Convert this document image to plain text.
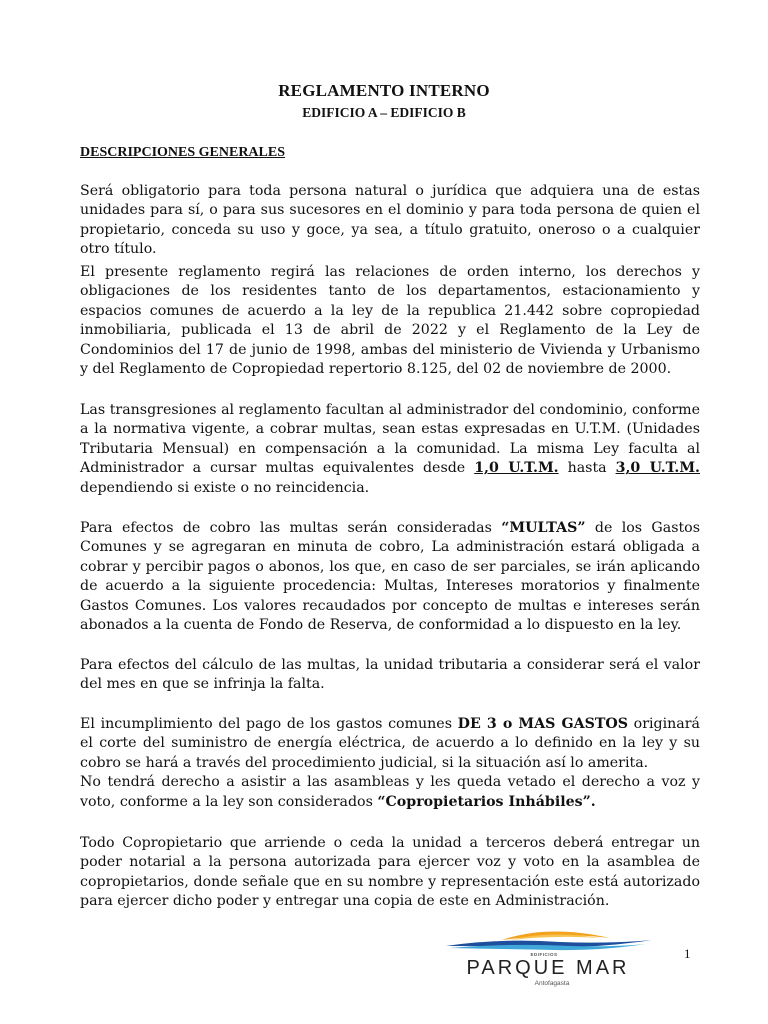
REGLAMENTO INTERNO
EDIFICIO A – EDIFICIO B
DESCRIPCIONES GENERALES

Será obligatorio para toda persona natural o jurídica que adquiera una de estas unidades para sí, o para sus sucesores en el dominio y para toda persona de quien el propietario, conceda su uso y goce, ya sea, a título gratuito, oneroso o a cualquier otro título.

El presente reglamento regirá las relaciones de orden interno, los derechos y obligaciones de los residentes tanto de los departamentos, estacionamiento y espacios comunes de acuerdo a la ley de la republica 21.442 sobre copropiedad inmobiliaria, publicada el 13 de abril de 2022 y el Reglamento de la Ley de Condominios del 17 de junio de 1998, ambas del ministerio de Vivienda y Urbanismo y del Reglamento de Copropiedad repertorio 8.125, del 02 de noviembre de 2000.

Las transgresiones al reglamento facultan al administrador del condominio, conforme a la normativa vigente, a cobrar multas, sean estas expresadas en U.T.M. (Unidades Tributaria Mensual) en compensación a la comunidad. La misma Ley faculta al Administrador a cursar multas equivalentes desde 1,0 U.T.M. hasta 3,0 U.T.M. dependiendo si existe o no reincidencia.

Para efectos de cobro las multas serán consideradas “MULTAS” de los Gastos Comunes y se agregaran en minuta de cobro, La administración estará obligada a cobrar y percibir pagos o abonos, los que, en caso de ser parciales, se irán aplicando de acuerdo a la siguiente procedencia: Multas, Intereses moratorios y finalmente Gastos Comunes. Los valores recaudados por concepto de multas e intereses serán abonados a la cuenta de Fondo de Reserva, de conformidad a lo dispuesto en la ley.

Para efectos del cálculo de las multas, la unidad tributaria a considerar será el valor del mes en que se infrinja la falta.

El incumplimiento del pago de los gastos comunes DE 3 o MAS GASTOS originará el corte del suministro de energía eléctrica, de acuerdo a lo definido en la ley y su cobro se hará a través del procedimiento judicial, si la situación así lo amerita.
No tendrá derecho a asistir a las asambleas y les queda vetado el derecho a voz y voto, conforme a la ley son considerados “Copropietarios Inhábiles”.

Todo Copropietario que arriende o ceda la unidad a terceros deberá entregar un poder notarial a la persona autorizada para ejercer voz y voto en la asamblea de copropietarios, donde señale que en su nombre y representación este está autorizado para ejercer dicho poder y entregar una copia de este en Administración.

EDIFICIOS
PARQUE MAR
Antofagasta
1
